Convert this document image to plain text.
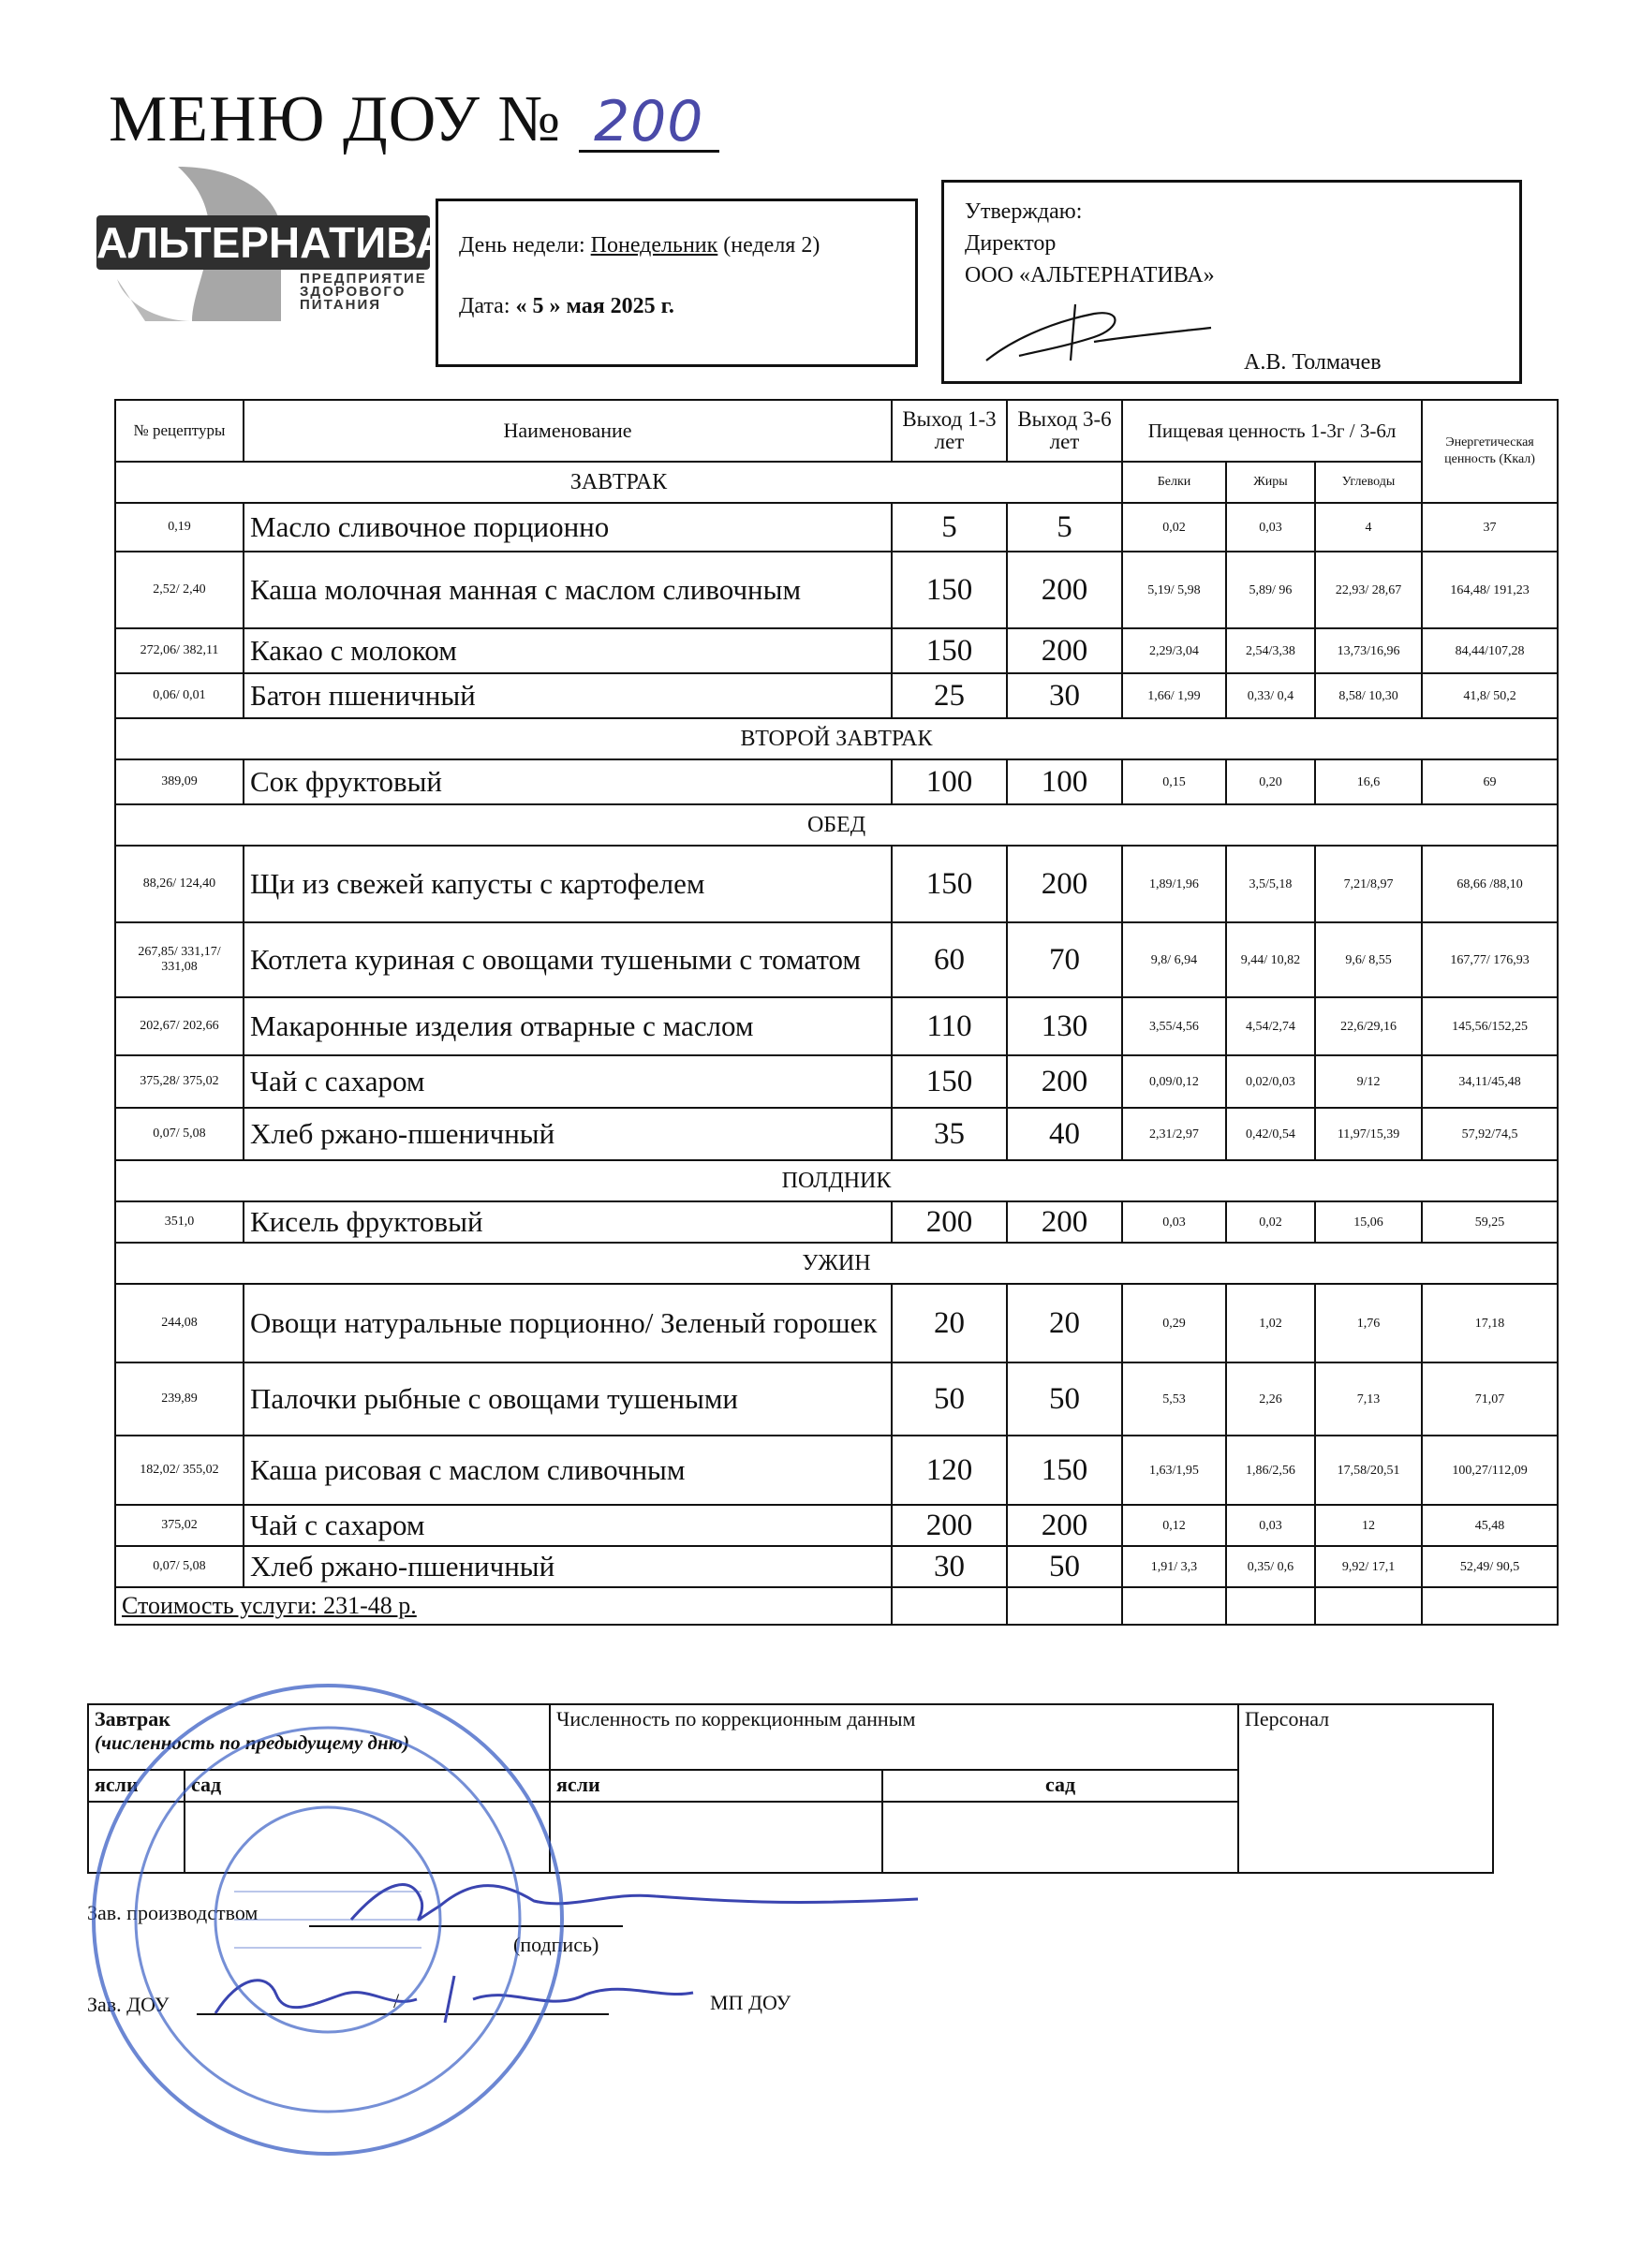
МЕНЮ ДОУ № 200
АЛЬТЕРНАТИВА
ПРЕДПРИЯТИЕ
ЗДОРОВОГО
ПИТАНИЯ
День недели: Понедельник (неделя 2)
Дата: « 5 » мая 2025 г.
Утверждаю:
Директор
ООО «АЛЬТЕРНАТИВА»
А.В. Толмачев
№ рецептуры	Наименование	Выход 1-3 лет	Выход 3-6 лет	Пищевая ценность 1-3г / 3-6л			Энергетическая ценность (Ккал)

ЗАВТРАК				Белки	Жиры	Углеводы	
0,19	Масло сливочное порционно	5	5	0,02	0,03	4	37
2,52/ 2,40	Каша молочная манная с маслом сливочным	150	200	5,19/ 5,98	5,89/ 96	22,93/ 28,67	164,48/ 191,23
272,06/ 382,11	Какао с молоком	150	200	2,29/3,04	2,54/3,38	13,73/16,96	84,44/107,28
0,06/ 0,01	Батон пшеничный	25	30	1,66/ 1,99	0,33/ 0,4	8,58/ 10,30	41,8/ 50,2
ВТОРОЙ ЗАВТРАК							
389,09	Сок фруктовый	100	100	0,15	0,20	16,6	69
ОБЕД							
88,26/ 124,40	Щи из свежей капусты с картофелем	150	200	1,89/1,96	3,5/5,18	7,21/8,97	68,66 /88,10
267,85/ 331,17/ 331,08	Котлета куриная с овощами тушеными с томатом	60	70	9,8/ 6,94	9,44/ 10,82	9,6/ 8,55	167,77/ 176,93
202,67/ 202,66	Макаронные изделия отварные с маслом	110	130	3,55/4,56	4,54/2,74	22,6/29,16	145,56/152,25
375,28/ 375,02	Чай с сахаром	150	200	0,09/0,12	0,02/0,03	9/12	34,11/45,48
0,07/ 5,08	Хлеб ржано-пшеничный	35	40	2,31/2,97	0,42/0,54	11,97/15,39	57,92/74,5
ПОЛДНИК							
351,0	Кисель фруктовый	200	200	0,03	0,02	15,06	59,25
УЖИН							
244,08	Овощи натуральные порционно/ Зеленый горошек	20	20	0,29	1,02	1,76	17,18
239,89	Палочки рыбные с овощами тушеными	50	50	5,53	2,26	7,13	71,07
182,02/ 355,02	Каша рисовая с маслом сливочным	120	150	1,63/1,95	1,86/2,56	17,58/20,51	100,27/112,09
375,02	Чай с сахаром	200	200	0,12	0,03	12	45,48
0,07/ 5,08	Хлеб ржано-пшеничный	30	50	1,91/ 3,3	0,35/ 0,6	9,92/ 17,1	52,49/ 90,5
Стоимость услуги: 231-48 р.							
Завтрак
(численность по предыдущему дню)		Численность по коррекционным данным		Персонал
ясли	сад	ясли	сад	

Зав. производством
(подпись)
Зав. ДОУ	/	МП ДОУ
